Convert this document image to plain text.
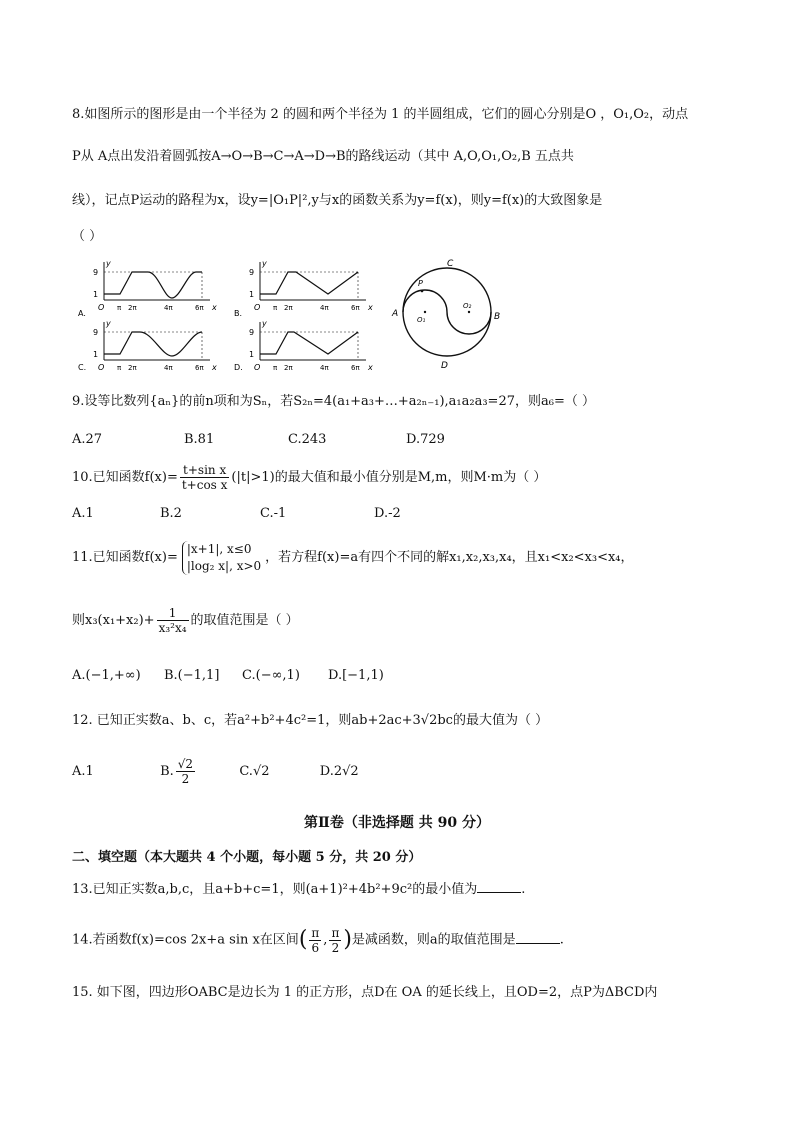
8.如图所示的图形是由一个半径为 2 的圆和两个半径为 1 的半圆组成，它们的圆心分别是O ，O₁,O₂，动点
P从 A点出发沿着圆弧按A→O→B→C→A→D→B的路线运动（其中 A,O,O₁,O₂,B 五点共
线），记点P运动的路程为x，设y=|O₁P|²,y与x的函数关系为y=f(x)，则y=f(x)的大致图象是
（ ）
y
9
1
O π 2π	4π	6π x
A.
y
9
1
O π 2π	4π	6π x
B.
y
9
1
O π 2π	4π	6π x
C.
y
9
1
O π 2π	4π	6π x
D.
A	B
C
D
P
O₁
O₂
9.设等比数列{aₙ}的前n项和为Sₙ，若S₂ₙ=4(a₁+a₃+…+a₂ₙ₋₁),a₁a₂a₃=27，则a₆=（ ）
A.27	B.81	C.243	D.729
10.已知函数$f(x)= \frac{\text{t+sin x}}{\text{t+cos x}} (|t|>1)$的最大值和最小值分别是M,m，则M·m为（ ）
A.1	B.2	C.-1	D.-2
11.已知函数f(x)=
|x+1|, x≤0
|log₂ x|, x>0
，若方程f(x)=a有四个不同的解x₁,x₂,x₃,x₄，且x₁<x₂<x₃<x₄，
则$x_3(x_1+x_2)+ \frac{1}{\text{x₃²x₄}}$ 的取值范围是（ ）
A.(−1,+∞) B.(−1,1] C.(−∞,1) D.[−1,1)
12. 已知正实数a、b、c，若a²+b²+4c²=1，则ab+2ac+3√2bc的最大值为（ ）
A.1	B. $\frac{√2}{2}$	C.√2	D.2√2
第Ⅱ卷（非选择题 共 90 分）
二、填空题（本大题共 4 个小题，每小题 5 分，共 20 分）
13.已知正实数a,b,c，且a+b+c=1，则(a+1)²+4b²+9c²的最小值为	.
14.若函数f(x)=cos 2x+a sin x在区间( $\frac{\pi}{6}$ , $\frac{\pi}{2}$ )是减函数，则a的取值范围是	.
15. 如下图，四边形OABC是边长为 1 的正方形，点D在 OA 的延长线上，且OD=2，点P为ΔBCD内
